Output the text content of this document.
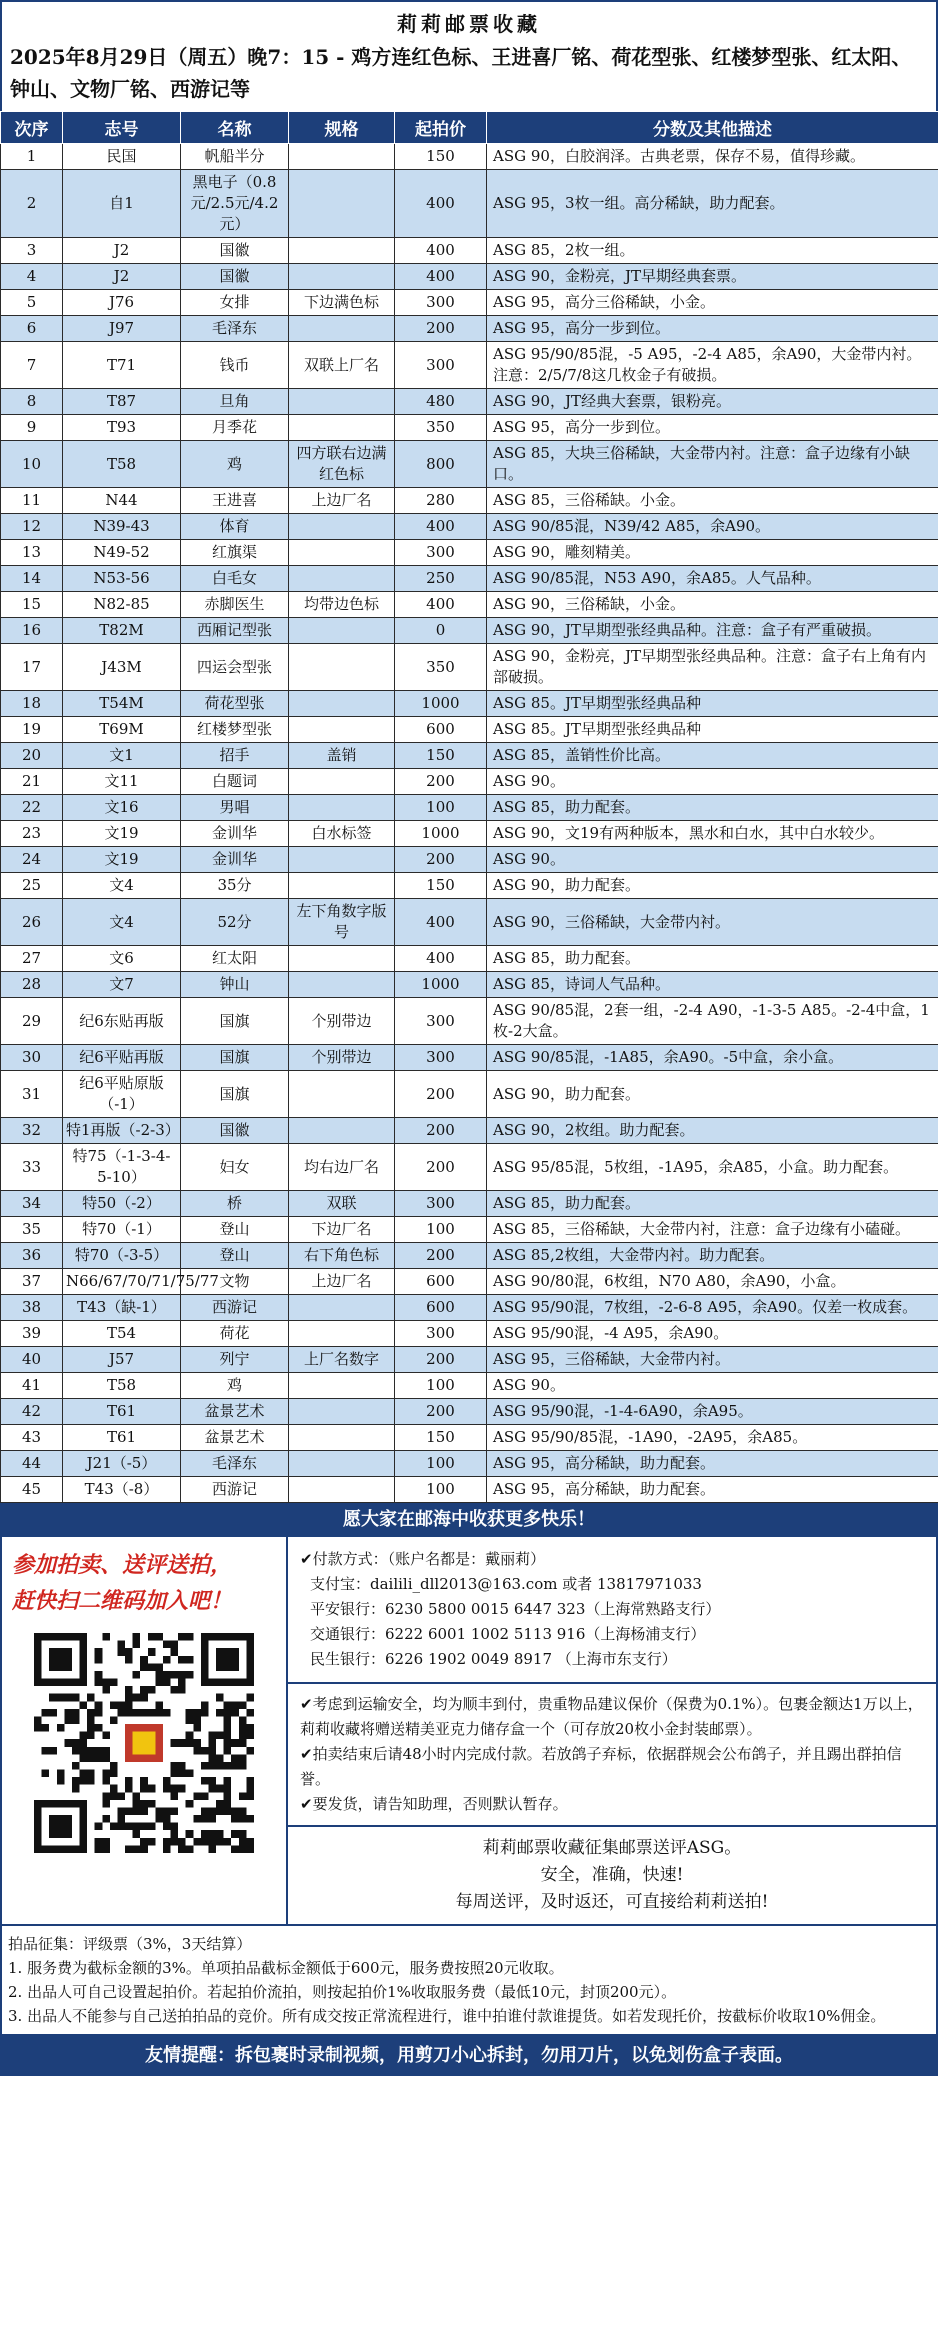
莉莉邮票收藏
2025年8月29日（周五）晚7：15 - 鸡方连红色标、王进喜厂铭、荷花型张、红楼梦型张、红太阳、钟山、文物厂铭、西游记等
次序	志号	名称	规格	起拍价	分数及其他描述
1	民国	帆船半分		150	ASG 90，白胶润泽。古典老票，保存不易，值得珍藏。
2	自1	黑电子（0.8元/2.5元/4.2元）		400	ASG 95，3枚一组。高分稀缺，助力配套。
3	J2	国徽		400	ASG 85，2枚一组。
4	J2	国徽		400	ASG 90，金粉亮，JT早期经典套票。
5	J76	女排	下边满色标	300	ASG 95，高分三俗稀缺，小金。
6	J97	毛泽东		200	ASG 95，高分一步到位。
7	T71	钱币	双联上厂名	300	ASG 95/90/85混，-5 A95，-2-4 A85，余A90，大金带内衬。注意：2/5/7/8这几枚金子有破损。
8	T87	旦角		480	ASG 90，JT经典大套票，银粉亮。
9	T93	月季花		350	ASG 95，高分一步到位。
10	T58	鸡	四方联右边满红色标	800	ASG 85，大块三俗稀缺，大金带内衬。注意：盒子边缘有小缺口。
11	N44	王进喜	上边厂名	280	ASG 85，三俗稀缺。小金。
12	N39-43	体育		400	ASG 90/85混，N39/42 A85，余A90。
13	N49-52	红旗渠		300	ASG 90，雕刻精美。
14	N53-56	白毛女		250	ASG 90/85混，N53 A90，余A85。人气品种。
15	N82-85	赤脚医生	均带边色标	400	ASG 90，三俗稀缺，小金。
16	T82M	西厢记型张		0	ASG 90，JT早期型张经典品种。注意：盒子有严重破损。
17	J43M	四运会型张		350	ASG 90，金粉亮，JT早期型张经典品种。注意：盒子右上角有内部破损。
18	T54M	荷花型张		1000	ASG 85。JT早期型张经典品种
19	T69M	红楼梦型张		600	ASG 85。JT早期型张经典品种
20	文1	招手	盖销	150	ASG 85，盖销性价比高。
21	文11	白题词		200	ASG 90。
22	文16	男唱		100	ASG 85，助力配套。
23	文19	金训华	白水标签	1000	ASG 90，文19有两种版本，黑水和白水，其中白水较少。
24	文19	金训华		200	ASG 90。
25	文4	35分		150	ASG 90，助力配套。
26	文4	52分	左下角数字版号	400	ASG 90，三俗稀缺，大金带内衬。
27	文6	红太阳		400	ASG 85，助力配套。
28	文7	钟山		1000	ASG 85，诗词人气品种。
29	纪6东贴再版	国旗	个别带边	300	ASG 90/85混，2套一组，-2-4 A90，-1-3-5 A85。-2-4中盒，1枚-2大盒。
30	纪6平贴再版	国旗	个别带边	300	ASG 90/85混，-1A85，余A90。-5中盒，余小盒。
31	纪6平贴原版（-1）	国旗		200	ASG 90，助力配套。
32	特1再版（-2-3）	国徽		200	ASG 90，2枚组。助力配套。
33	特75（-1-3-4-5-10）	妇女	均右边厂名	200	ASG 95/85混，5枚组，-1A95，余A85，小盒。助力配套。
34	特50（-2）	桥	双联	300	ASG 85，助力配套。
35	特70（-1）	登山	下边厂名	100	ASG 85，三俗稀缺，大金带内衬，注意：盒子边缘有小磕碰。
36	特70（-3-5）	登山	右下角色标	200	ASG 85,2枚组，大金带内衬。助力配套。
37	N66/67/70/71/75/77	文物	上边厂名	600	ASG 90/80混，6枚组，N70 A80，余A90，小盒。
38	T43（缺-1）	西游记		600	ASG 95/90混，7枚组，-2-6-8 A95，余A90。仅差一枚成套。
39	T54	荷花		300	ASG 95/90混，-4 A95，余A90。
40	J57	列宁	上厂名数字	200	ASG 95，三俗稀缺，大金带内衬。
41	T58	鸡		100	ASG 90。
42	T61	盆景艺术		200	ASG 95/90混，-1-4-6A90，余A95。
43	T61	盆景艺术		150	ASG 95/90/85混，-1A90，-2A95，余A85。
44	J21（-5）	毛泽东		100	ASG 95，高分稀缺，助力配套。
45	T43（-8）	西游记		100	ASG 95，高分稀缺，助力配套。
愿大家在邮海中收获更多快乐！
参加拍卖、送评送拍，
赶快扫二维码加入吧！
✔付款方式：（账户名都是：戴丽莉）
支付宝：dailili_dll2013@163.com 或者 13817971033
平安银行：6230 5800 0015 6447 323（上海常熟路支行）
交通银行：6222 6001 1002 5113 916（上海杨浦支行）
民生银行：6226 1902 0049 8917 （上海市东支行）
✔考虑到运输安全，均为顺丰到付，贵重物品建议保价（保费为0.1%）。包裹金额达1万以上，莉莉收藏将赠送精美亚克力储存盒一个（可存放20枚小金封装邮票）。
✔拍卖结束后请48小时内完成付款。若放鸽子弃标，依据群规会公布鸽子，并且踢出群拍信誉。
✔要发货，请告知助理，否则默认暂存。
莉莉邮票收藏征集邮票送评ASG。
安全，准确，快速!
每周送评，及时返还，可直接给莉莉送拍!
拍品征集：评级票（3%，3天结算）
1. 服务费为截标金额的3%。单项拍品截标金额低于600元，服务费按照20元收取。
2. 出品人可自己设置起拍价。若起拍价流拍，则按起拍价1%收取服务费（最低10元，封顶200元）。
3. 出品人不能参与自己送拍拍品的竞价。所有成交按正常流程进行，谁中拍谁付款谁提货。如若发现托价，按截标价收取10%佣金。
友情提醒：拆包裹时录制视频，用剪刀小心拆封，勿用刀片，以免划伤盒子表面。
